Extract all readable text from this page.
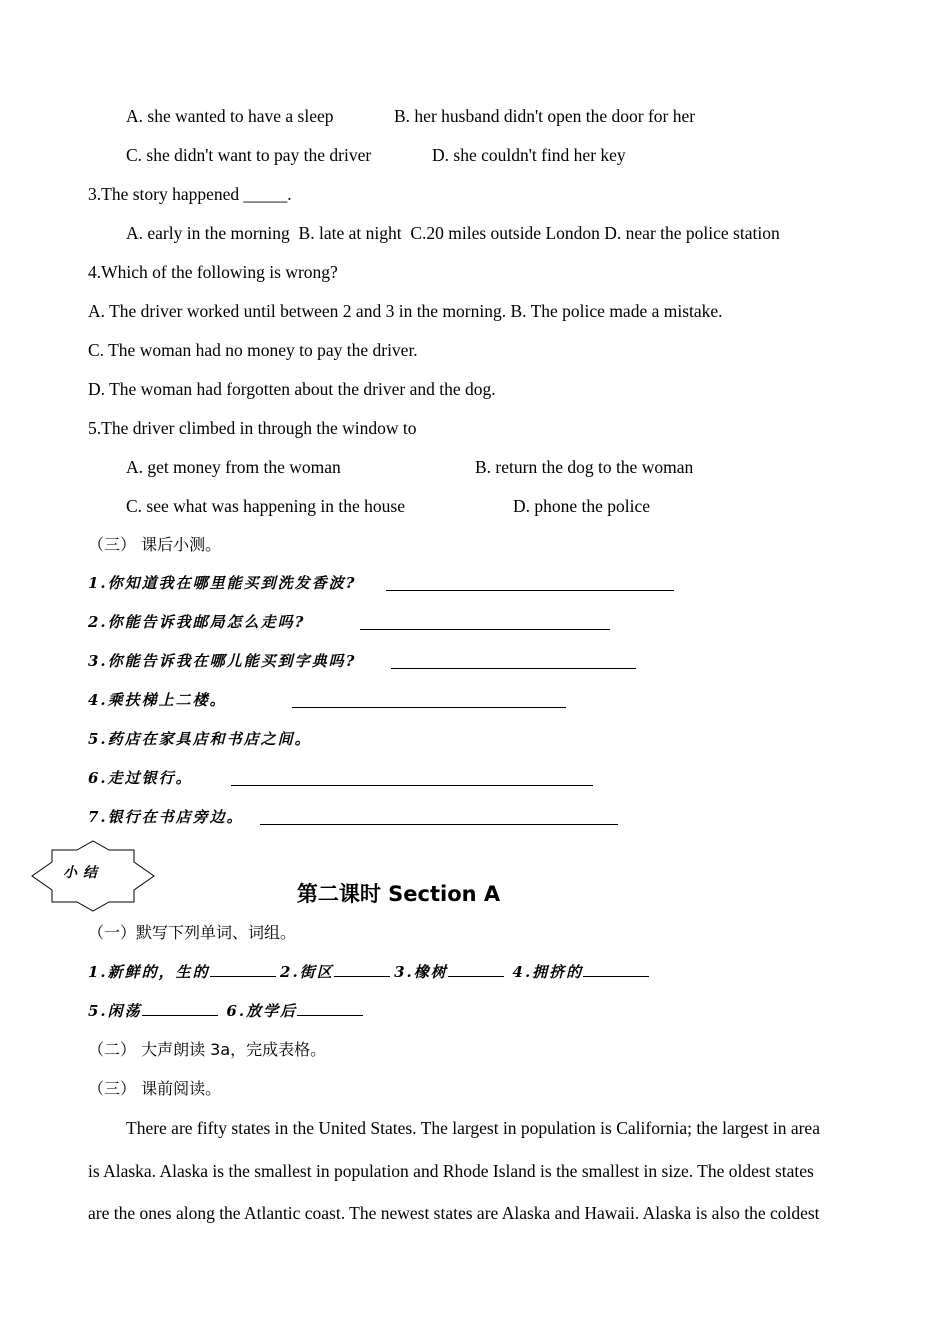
A. she wanted to have a sleep	B. her husband didn't open the door for her
C. she didn't want to pay the driver	D. she couldn't find her key
3.The story happened _____.
A. early in the morning  B. late at night  C.20 miles outside London D. near the police station
4.Which of the following is wrong?
A. The driver worked until between 2 and 3 in the morning. B. The police made a mistake.
C. The woman had no money to pay the driver.
D. The woman had forgotten about the driver and the dog.
5.The driver climbed in through the window to
A. get money from the woman	B. return the dog to the woman
C. see what was happening in the house	D. phone the police
（三） 课后小测。
1.你知道我在哪里能买到洗发香波?
2.你能告诉我邮局怎么走吗?
3.你能告诉我在哪儿能买到字典吗?
4.乘扶梯上二楼。
5.药店在家具店和书店之间。
6.走过银行。
7.银行在书店旁边。
小结
第二课时 Section A
（一）默写下列单词、词组。
1.新鲜的，生的	2.街区	3.橡树	4.拥挤的
5.闲荡	6.放学后
（二） 大声朗读 3a，完成表格。
（三） 课前阅读。
There are fifty states in the United States. The largest in population is California; the largest in area
is Alaska. Alaska is the smallest in population and Rhode Island is the smallest in size. The oldest states
are the ones along the Atlantic coast. The newest states are Alaska and Hawaii. Alaska is also the coldest
